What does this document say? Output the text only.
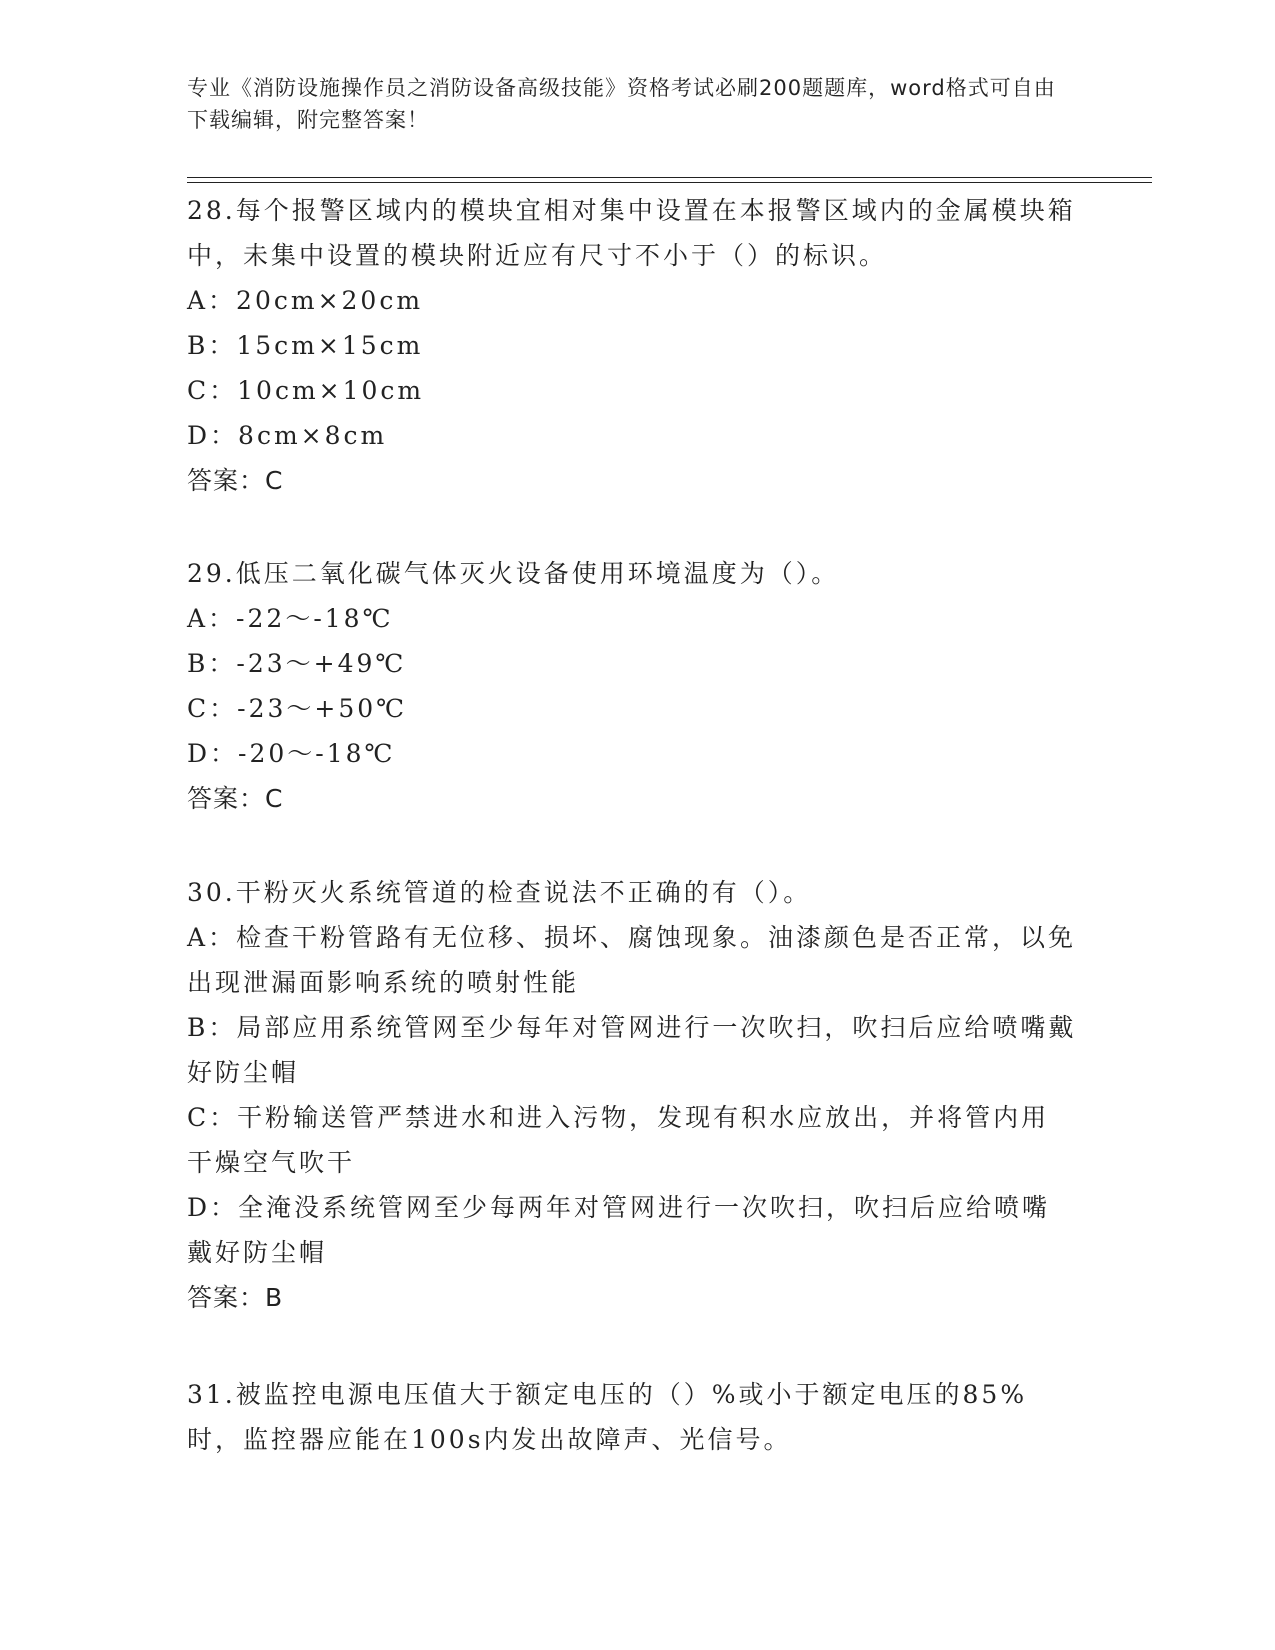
专业《消防设施操作员之消防设备高级技能》资格考试必刷200题题库，word格式可自由下载编辑，附完整答案！

28.每个报警区域内的模块宜相对集中设置在本报警区域内的金属模块箱中，未集中设置的模块附近应有尺寸不小于（）的标识。

A：20cm×20cm

B：15cm×15cm

C：10cm×10cm

D：8cm×8cm

答案：C

29.低压二氧化碳气体灭火设备使用环境温度为（）。

A：-22～-18℃

B：-23～+49℃

C：-23～+50℃

D：-20～-18℃

答案：C

30.干粉灭火系统管道的检查说法不正确的有（）。

A：检查干粉管路有无位移、损坏、腐蚀现象。油漆颜色是否正常，以免出现泄漏面影响系统的喷射性能

B：局部应用系统管网至少每年对管网进行一次吹扫，吹扫后应给喷嘴戴好防尘帽

C：干粉输送管严禁进水和进入污物，发现有积水应放出，并将管内用干燥空气吹干

D：全淹没系统管网至少每两年对管网进行一次吹扫，吹扫后应给喷嘴戴好防尘帽

答案：B

31.被监控电源电压值大于额定电压的（）%或小于额定电压的85%时，监控器应能在100s内发出故障声、光信号。
